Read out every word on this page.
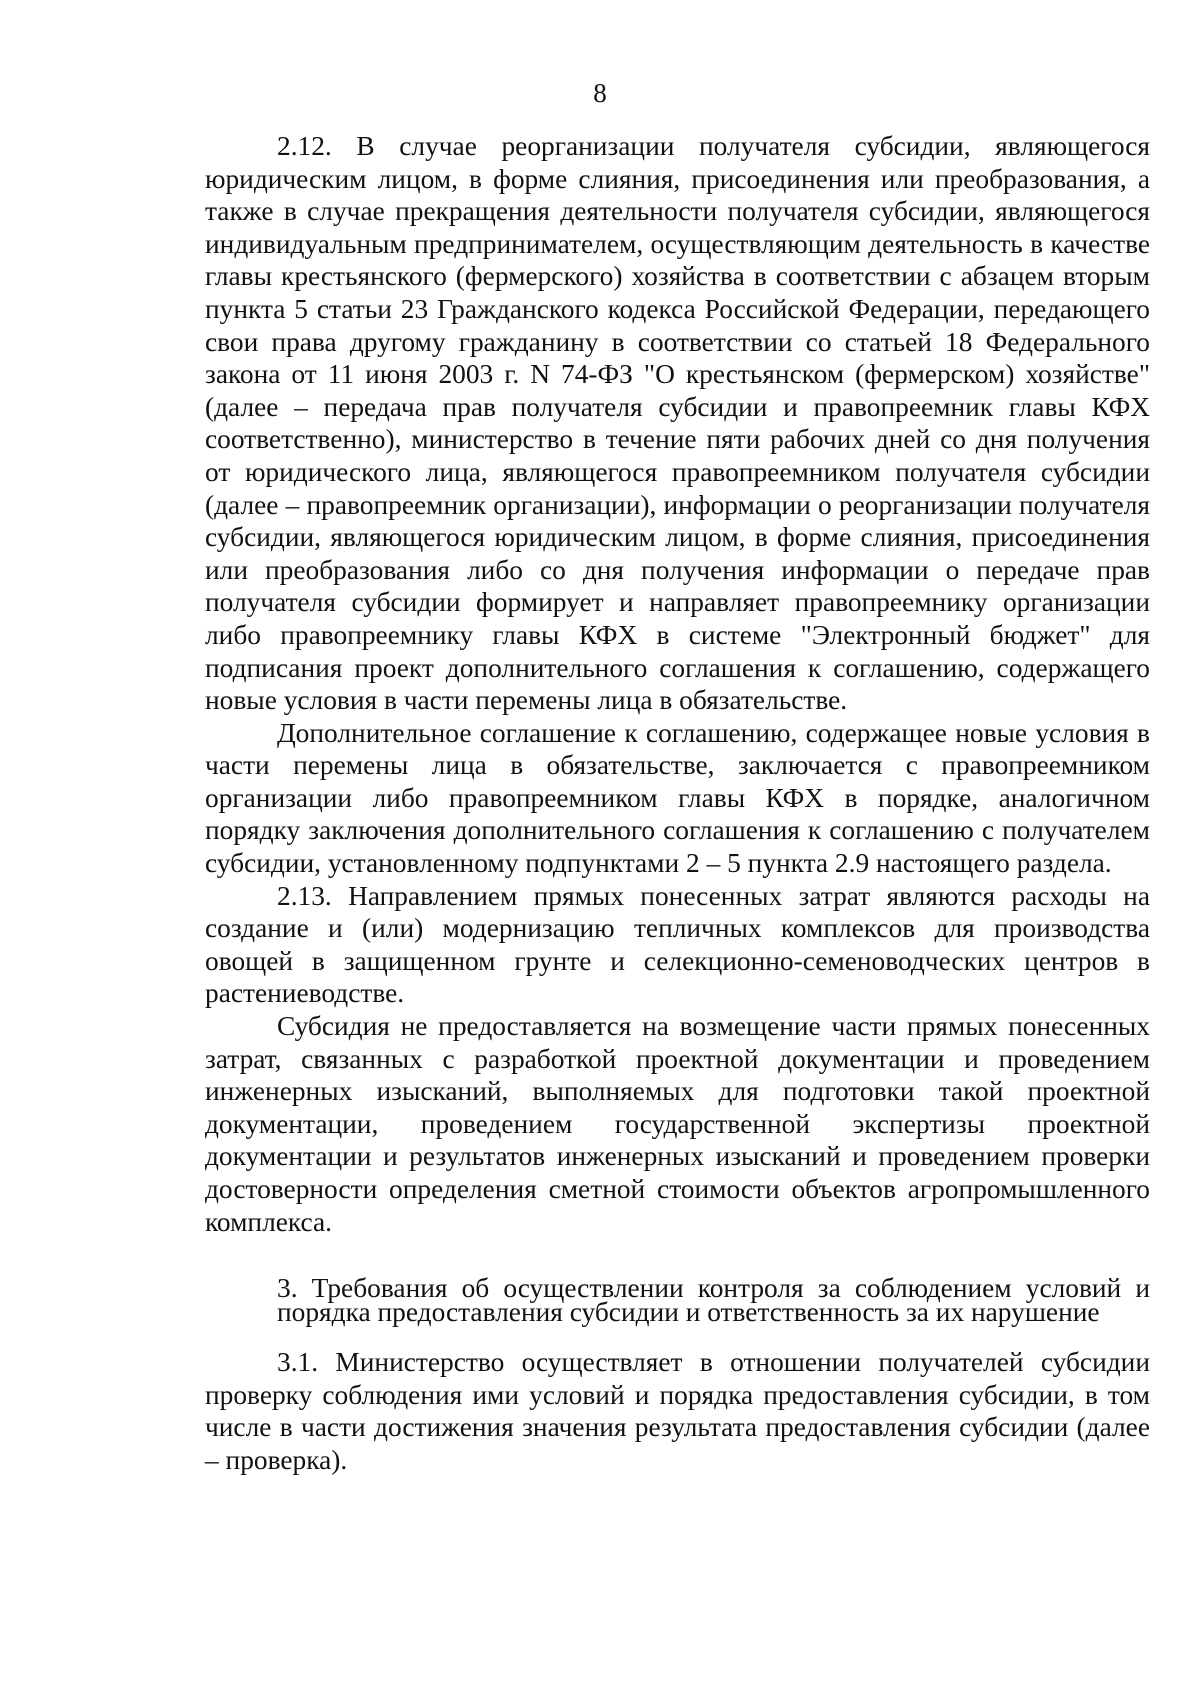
8

2.12. В случае реорганизации получателя субсидии, являющегося юридическим лицом, в форме слияния, присоединения или преобразования, а также в случае прекращения деятельности получателя субсидии, являющегося индивидуальным предпринимателем, осуществляющим деятельность в качестве главы крестьянского (фермерского) хозяйства в соответствии с абзацем вторым пункта 5 статьи 23 Гражданского кодекса Российской Федерации, передающего свои права другому гражданину в соответствии со статьей 18 Федерального закона от 11 июня 2003 г. N 74-ФЗ "О крестьянском (фермерском) хозяйстве" (далее – передача прав получателя субсидии и правопреемник главы КФХ соответственно), министерство в течение пяти рабочих дней со дня получения от юридического лица, являющегося правопреемником получателя субсидии (далее – правопреемник организации), информации о реорганизации получателя субсидии, являющегося юридическим лицом, в форме слияния, присоединения или преобразования либо со дня получения информации о передаче прав получателя субсидии формирует и направляет правопреемнику организации либо правопреемнику главы КФХ в системе "Электронный бюджет" для подписания проект дополнительного соглашения к соглашению, содержащего новые условия в части перемены лица в обязательстве.

Дополнительное соглашение к соглашению, содержащее новые условия в части перемены лица в обязательстве, заключается с правопреемником организации либо правопреемником главы КФХ в порядке, аналогичном порядку заключения дополнительного соглашения к соглашению с получателем субсидии, установленному подпунктами 2 – 5 пункта 2.9 настоящего раздела.

2.13. Направлением прямых понесенных затрат являются расходы на создание и (или) модернизацию тепличных комплексов для производства овощей в защищенном грунте и селекционно-семеноводческих центров в растениеводстве.

Субсидия не предоставляется на возмещение части прямых понесенных затрат, связанных с разработкой проектной документации и проведением инженерных изысканий, выполняемых для подготовки такой проектной документации, проведением государственной экспертизы проектной документации и результатов инженерных изысканий и проведением проверки достоверности определения сметной стоимости объектов агропромышленного комплекса.

3. Требования об осуществлении контроля за соблюдением условий и порядка предоставления субсидии и ответственность за их нарушение

3.1. Министерство осуществляет в отношении получателей субсидии проверку соблюдения ими условий и порядка предоставления субсидии, в том числе в части достижения значения результата предоставления субсидии (далее – проверка).
